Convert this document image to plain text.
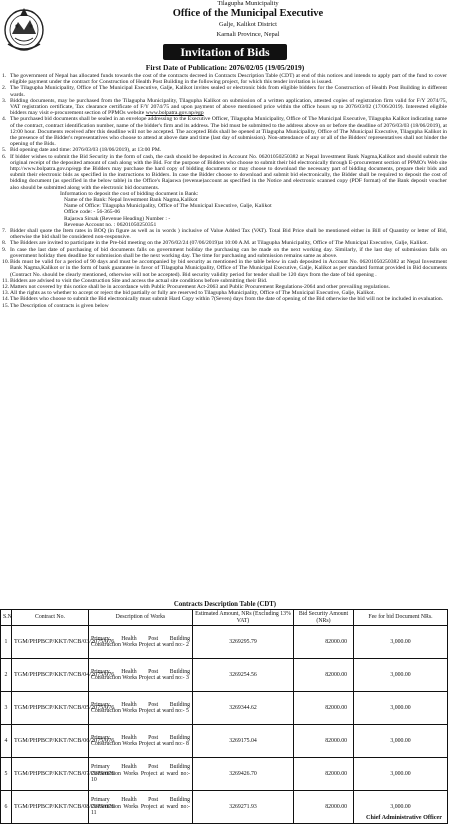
Tilagupha Municipality
Office of the Municipal Executive
Galje, Kalikot District
Karnali Province, Nepal
Invitation of Bids
First Date of Publication: 2076/02/05 (19/05/2019)
1. The government of Nepal has allocated funds towards the cost of the contracts decreed in Contracts Description Table (CDT) at end of this notices and intends to apply part of the fund to cover eligible payment under the contract for Construction of Health Post Building in the following project, for which this tender invitation is issued.
2. The Tilagupha Municipality, Office of The Municipal Executive, Galje, Kalikot invites sealed or electronic bids from eligible bidders for the Construction of Health Post Building in different wards.
3. Bidding documents, may be purchased from the Tilagupha Municipality, Tilagupha Kalikot on submission of a written application, attested copies of registration firm valid for F/Y 2074/75, VAT registration certificate, Tax clearance certificate of F/Y 2074/75 and upon payment of above mentioned price within the office hours up to 2076/03/02 (17/06/2019). Interested eligible bidders may visit e-procurement section of PPMOs website www.bolpatra.gov.np/egp
4. The purchased bid documents shall be sealed in an envelope addressing to the Executive Officer, Tilagupha Municipality, Office of The Municipal Executive, Tilagupha Kalikot indicating name of the contract, contract identification number, name of the bidder's firm and its address. The bid must be submitted to the address above on or before the deadline of 2076/03/03 (18/06/2019), at 12:00 hour. Documents received after this deadline will not be accepted. The accepted Bids shall be opened at Tilagupha Municipality, Office of The Municipal Executive, Tilagupha Kalikot in the presence of the Bidder's representatives who choose to attend at above date and time (last day of submission). Non-attendance of any or all of the Bidders' representatives shall not hinder the opening of the Bids.
5. Bid opening date and time: 2076/03/03 (18/06/2019), at 13:00 PM.
6. If bidder wishes to submit the Bid Security in the form of cash, the cash should be deposited in Account No. 06201050250382 at Nepal Investment Bank Nagma,Kalikot and should submit the original receipt of the deposited amount of cash along with the Bid. For the purpose of Bidders who choose to submit their bid electronically through E-procurement section of PPMO's Web site http://www.bolpatra.gov.np/egp the Bidders may purchase the hard copy of bidding documents or may choose to download the necessary part of bidding documents, prepare their bids and submit their electronic bids as specified in the instructions to Bidders. In case the Bidder choose to download and submit bid electronically, the Bidder shall be required to deposit the cost of bidding document (as specified in the below table) in the Office's Rajaswa (revenue)account as specified in the Notice and electronic scanned copy (PDF format) of the Bank deposit voucher also should be submitted along with the electronic bid documents.
Information to deposit the cost of bidding document in Bank:
Name of the Bank: Nepal Investment Bank Nagma,Kalikot
Name of Office: Tilagupha Municipality, Office of The Municipal Executive, Galje, Kalikot
Office code: - 56-365-06
Rajaswa Sirsak (Revenue Heading) Number : -
Revenue Account no. : 06201050250351
7. Bidder shall quote the Item rates in BOQ (in figure as well as in words ) inclusive of Value Added Tax (VAT). Total Bid Price shall be mentioned either in Bill of Quantity or letter of Bid, otherwise the bid shall be considered non-responsive.
8. The Bidders are invited to participate in the Pre-bid meeting on the 2076/02/24 (07/06/2019)at 10:00 A.M. at Tilagupha Municipality, Office of The Municipal Executive, Galje, Kalikot.
9. In case the last date of purchasing of bid documents falls on government holiday the purchasing can be made on the next working day. Similarly, if the last day of submission falls on government holiday then deadline for submission shall be the next working day. The time for purchasing and submission remains same as above.
10. Bids must be valid for a period of 90 days and must be accompanied by bid security as mentioned in the table below in cash deposited in Account No. 06201050250382 at Nepal Investment Bank Nagma,Kalikot or in the form of bank guarantee in favor of Tilagupha Municipality, Office of The Municipal Executive, Galje, Kalikot as per standard format provided in Bid documents (Contract No. should be clearly mentioned, otherwise will not be accepted). Bid security validity period for tender shall be 120 days from the date of bid opening .
11. Bidders are advised to visit the Construction Site and access the actual site conditions before submitting their Bid.
12. Matters not covered by this notice shall be in accordance with Public Procurement Act-2063 and Public Procurement Regulations-2064 and other prevailing regulations.
13. All the rights as to whether to accept or reject the bid partially or fully are reserved to Tilagupha Municipality, Office of The Municipal Executive, Galje, Kalikot.
14. The Bidders who choose to submit the Bid electronically must submit Hard Copy within 7(Seven) days from the date of opening of the Bid otherwise the bid will not be included in evaluation.
15. The Description of contracts is given below
Contracts Description Table (CDT)
S.N	Contract No.	Description of Works	Estimated Amount, NRs (Excluding 13% VAT)	Bid Security Amount (NRs)	Fee for bid Document NRs.
1	TGM/PHPBCP/KKT/NCB/03/2075/076	Primary Health Post Building Construction Works Project at ward no:- 2	3269295.79	82000.00	3,000.00
2	TGM/PHPBCP/KKT/NCB/04/2075/076	Primary Health Post Building Construction Works Project at ward no:- 3	3269254.56	82000.00	3,000.00
3	TGM/PHPBCP/KKT/NCB/05/2075/076	Primary Health Post Building Construction Works Project at ward no:- 5	3269344.62	82000.00	3,000.00
4	TGM/PHPBCP/KKT/NCB/06/2075/076	Primary Health Post Building Construction Works Project at ward no:- 8	3269175.04	82000.00	3,000.00
5	TGM/PHPBCP/KKT/NCB/07/2075/076	Primary Health Post Building Construction Works Project at ward no:- 10	3269426.70	82000.00	3,000.00
6	TGM/PHPBCP/KKT/NCB/08/2075/076	Primary Health Post Building Construction Works Project at ward no:- 11	3269271.93	82000.00	3,000.00
Chief Administrative Officer
